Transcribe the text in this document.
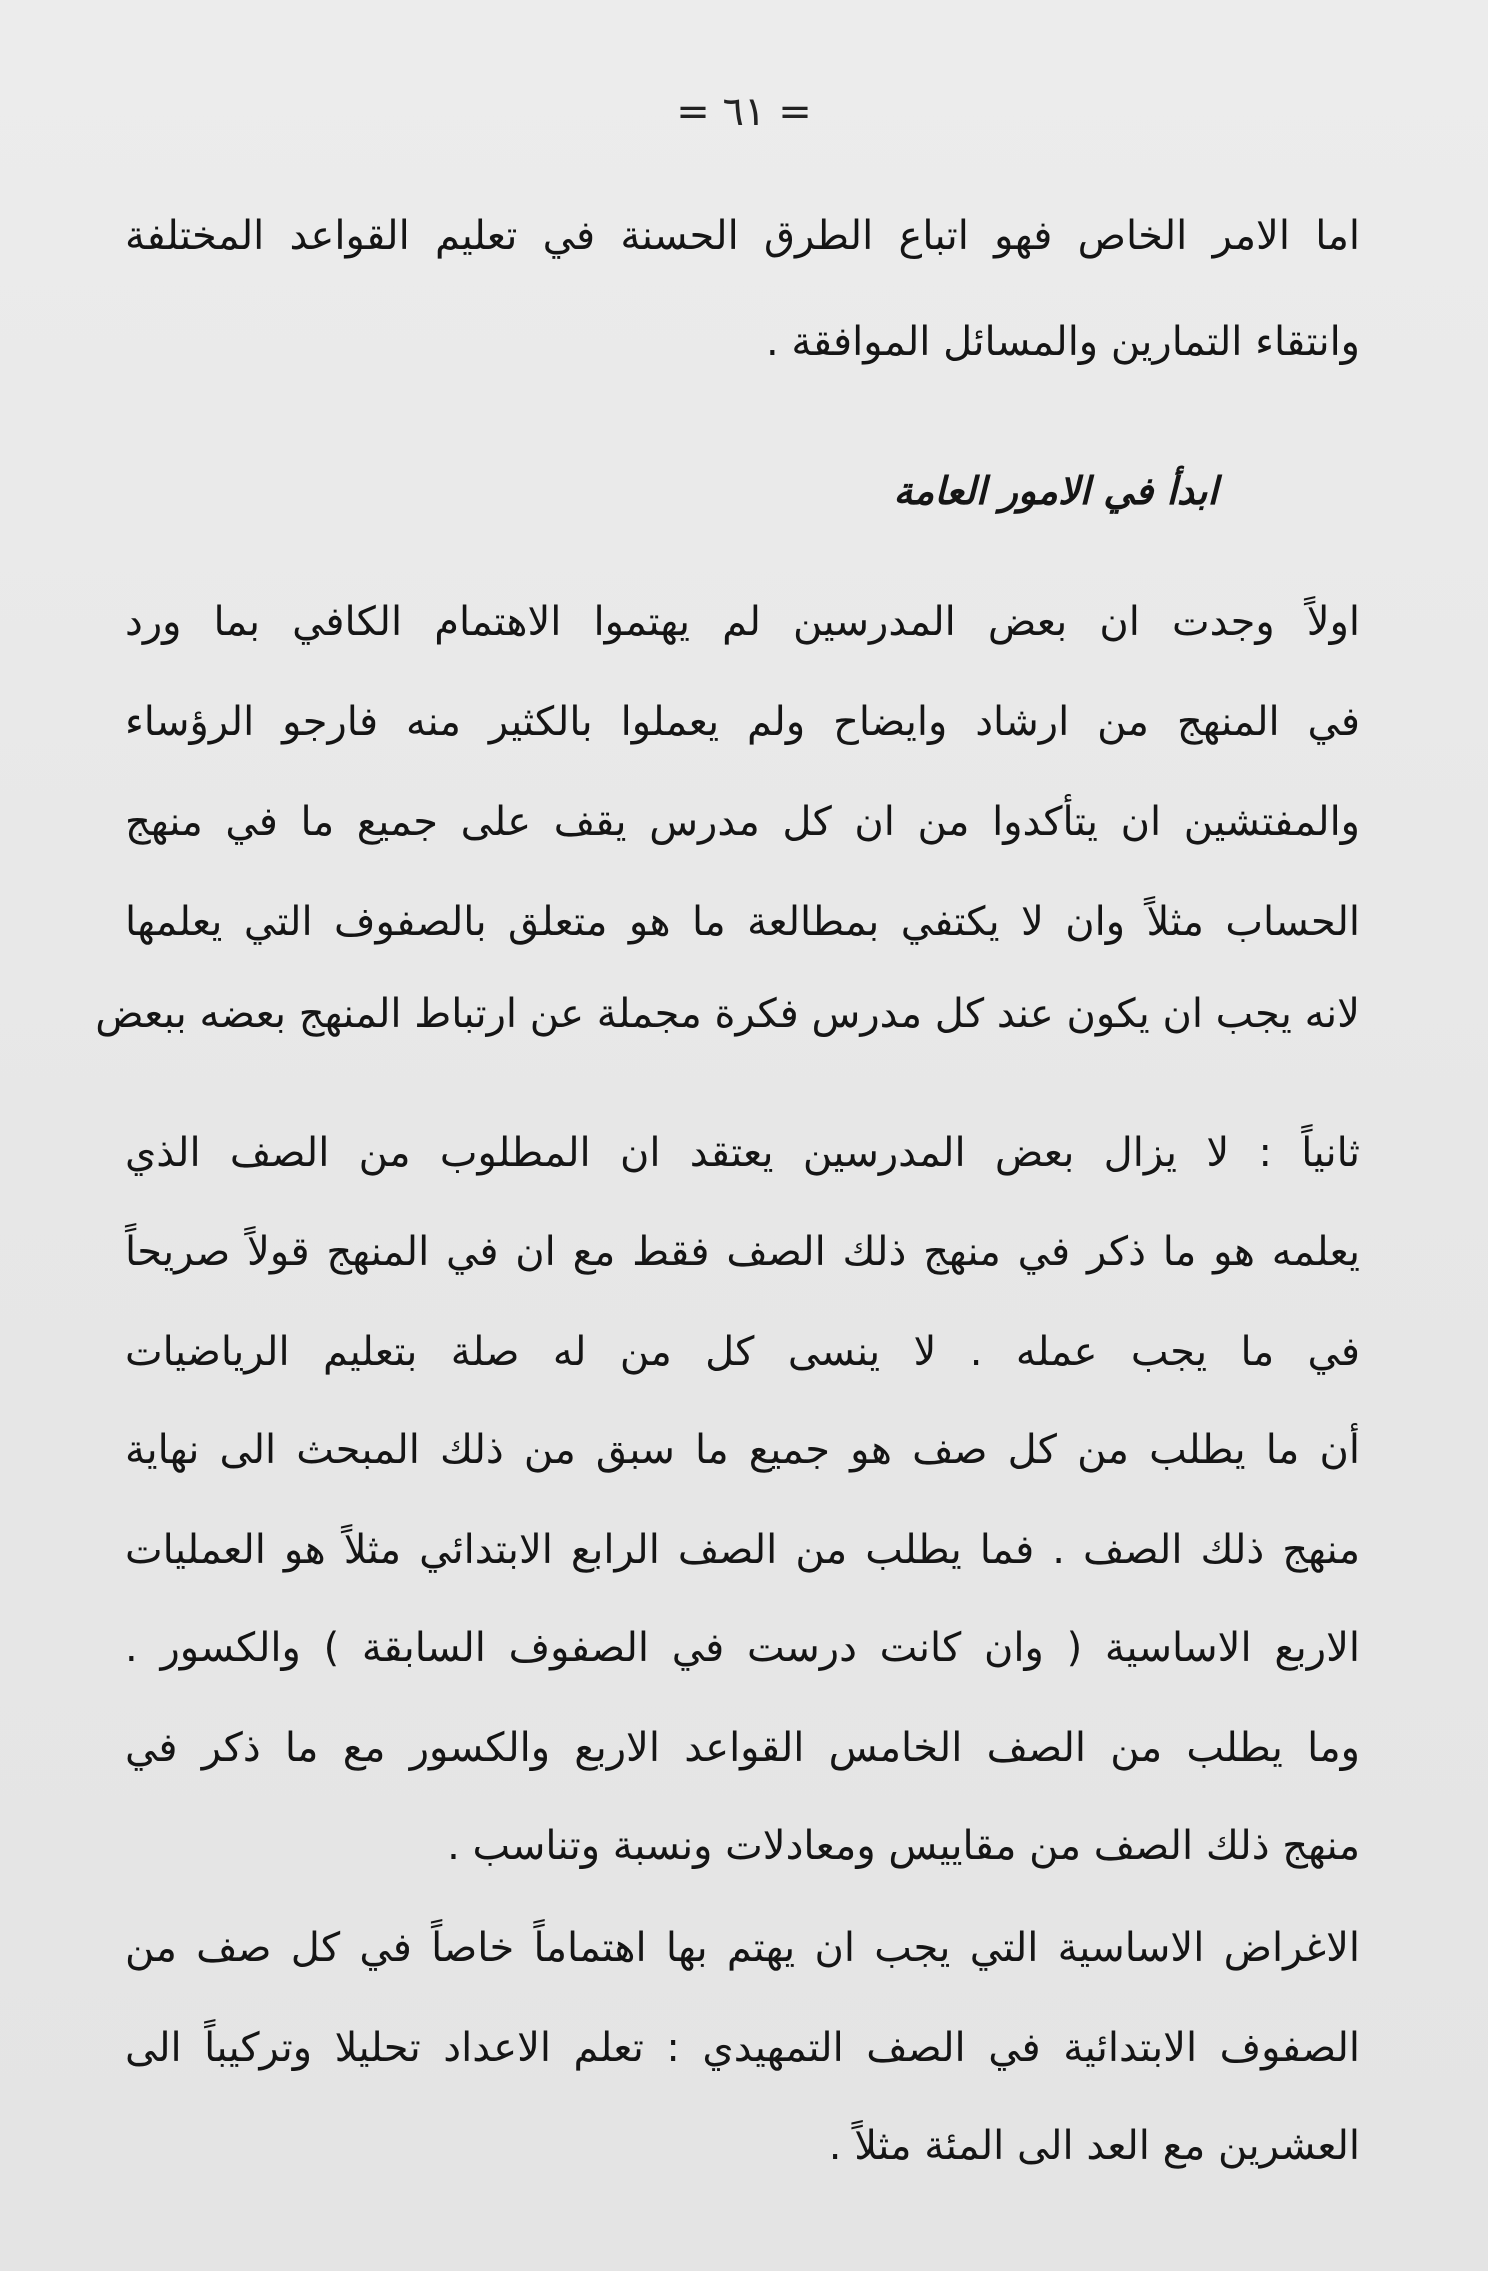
= ٦١ =
اما الامر الخاص فهو اتباع الطرق الحسنة في تعليم القواعد المختلفة
وانتقاء التمارين والمسائل الموافقة .
ابدأ في الامور العامة
اولاً وجدت ان بعض المدرسين لم يهتموا الاهتمام الكافي بما ورد
في المنهج من ارشاد وايضاح ولم يعملوا بالكثير منه فارجو الرؤساء
والمفتشين ان يتأكدوا من ان كل مدرس يقف على جميع ما في منهج
الحساب مثلاً وان لا يكتفي بمطالعة ما هو متعلق بالصفوف التي يعلمها
لانه يجب ان يكون عند كل مدرس فكرة مجملة عن ارتباط المنهج بعضه ببعض
ثانياً : لا يزال بعض المدرسين يعتقد ان المطلوب من الصف الذي
يعلمه هو ما ذكر في منهج ذلك الصف فقط مع ان في المنهج قولاً صريحاً
في ما يجب عمله . لا ينسى كل من له صلة بتعليم الرياضيات
أن ما يطلب من كل صف هو جميع ما سبق من ذلك المبحث الى نهاية
منهج ذلك الصف . فما يطلب من الصف الرابع الابتدائي مثلاً هو العمليات
الاربع الاساسية ( وان كانت درست في الصفوف السابقة ) والكسور .
وما يطلب من الصف الخامس القواعد الاربع والكسور مع ما ذكر في
منهج ذلك الصف من مقاييس ومعادلات ونسبة وتناسب .
الاغراض الاساسية التي يجب ان يهتم بها اهتماماً خاصاً في كل صف من
الصفوف الابتدائية في الصف التمهيدي : تعلم الاعداد تحليلا وتركيباً الى
العشرين مع العد الى المئة مثلاً .
